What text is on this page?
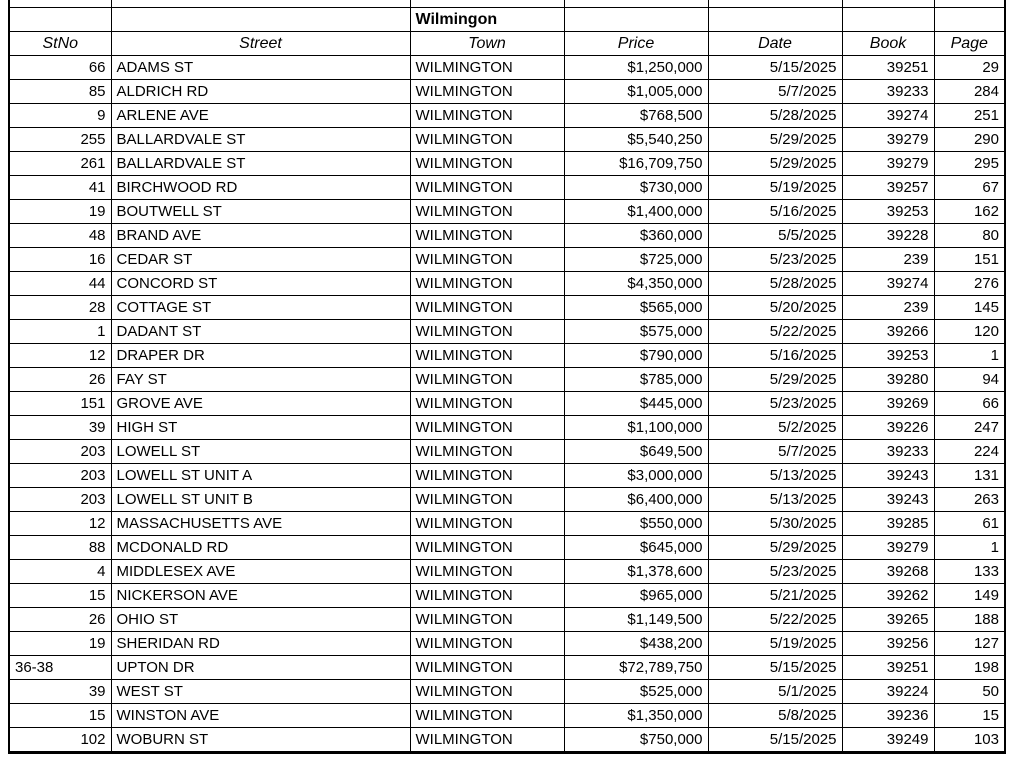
		Wilmingon				
StNo	Street	Town	Price	Date	Book	Page
66	ADAMS ST	WILMINGTON	$1,250,000	5/15/2025	39251	29
85	ALDRICH RD	WILMINGTON	$1,005,000	5/7/2025	39233	284
9	ARLENE AVE	WILMINGTON	$768,500	5/28/2025	39274	251
255	BALLARDVALE ST	WILMINGTON	$5,540,250	5/29/2025	39279	290
261	BALLARDVALE ST	WILMINGTON	$16,709,750	5/29/2025	39279	295
41	BIRCHWOOD RD	WILMINGTON	$730,000	5/19/2025	39257	67
19	BOUTWELL ST	WILMINGTON	$1,400,000	5/16/2025	39253	162
48	BRAND AVE	WILMINGTON	$360,000	5/5/2025	39228	80
16	CEDAR ST	WILMINGTON	$725,000	5/23/2025	239	151
44	CONCORD ST	WILMINGTON	$4,350,000	5/28/2025	39274	276
28	COTTAGE ST	WILMINGTON	$565,000	5/20/2025	239	145
1	DADANT ST	WILMINGTON	$575,000	5/22/2025	39266	120
12	DRAPER DR	WILMINGTON	$790,000	5/16/2025	39253	1
26	FAY ST	WILMINGTON	$785,000	5/29/2025	39280	94
151	GROVE AVE	WILMINGTON	$445,000	5/23/2025	39269	66
39	HIGH ST	WILMINGTON	$1,100,000	5/2/2025	39226	247
203	LOWELL ST	WILMINGTON	$649,500	5/7/2025	39233	224
203	LOWELL ST UNIT A	WILMINGTON	$3,000,000	5/13/2025	39243	131
203	LOWELL ST UNIT B	WILMINGTON	$6,400,000	5/13/2025	39243	263
12	MASSACHUSETTS AVE	WILMINGTON	$550,000	5/30/2025	39285	61
88	MCDONALD RD	WILMINGTON	$645,000	5/29/2025	39279	1
4	MIDDLESEX AVE	WILMINGTON	$1,378,600	5/23/2025	39268	133
15	NICKERSON AVE	WILMINGTON	$965,000	5/21/2025	39262	149
26	OHIO ST	WILMINGTON	$1,149,500	5/22/2025	39265	188
19	SHERIDAN RD	WILMINGTON	$438,200	5/19/2025	39256	127
36-38	UPTON DR	WILMINGTON	$72,789,750	5/15/2025	39251	198
39	WEST ST	WILMINGTON	$525,000	5/1/2025	39224	50
15	WINSTON AVE	WILMINGTON	$1,350,000	5/8/2025	39236	15
102	WOBURN ST	WILMINGTON	$750,000	5/15/2025	39249	103
